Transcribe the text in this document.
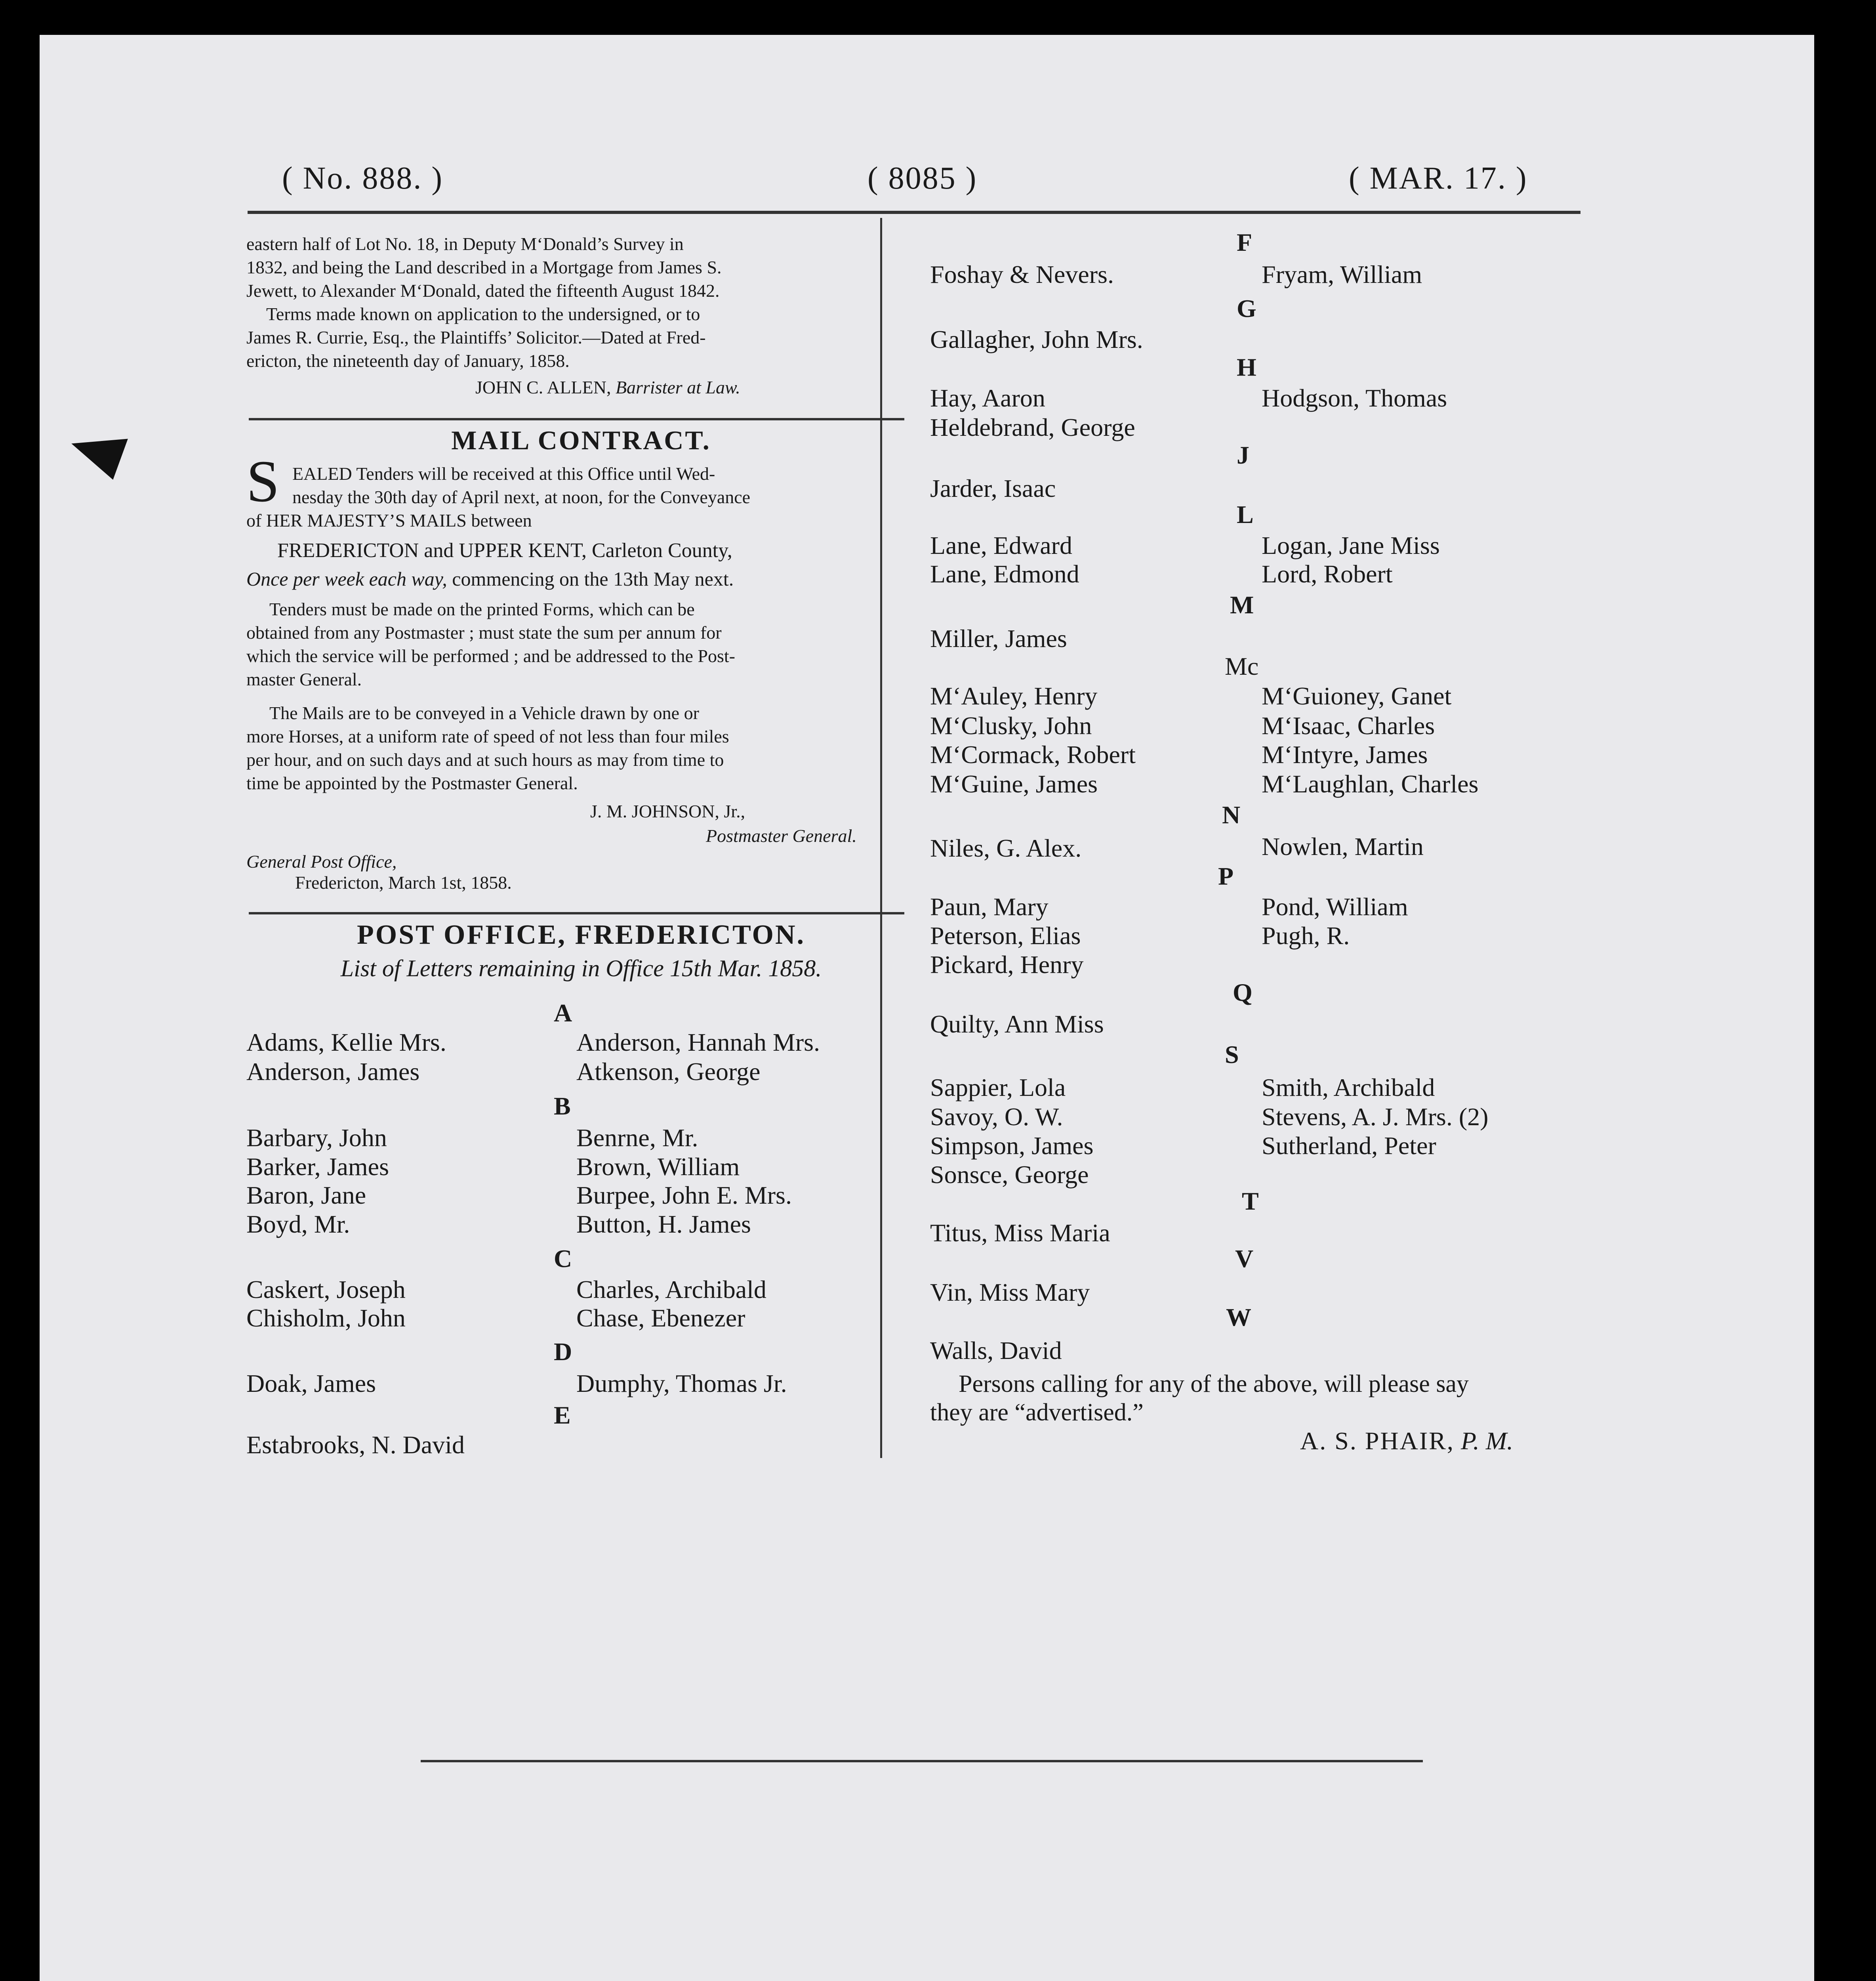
( No. 888. )	( 8085 )	( MAR. 17. )
eastern half of Lot No. 18, in Deputy M‘Donald’s Survey in
1832, and being the Land described in a Mortgage from James S.
Jewett, to Alexander M‘Donald, dated the fifteenth August 1842.
Terms made known on application to the undersigned, or to
James R. Currie, Esq., the Plaintiffs’ Solicitor.—Dated at Fred-
ericton, the nineteenth day of January, 1858.
JOHN C. ALLEN, Barrister at Law.
MAIL CONTRACT.
S EALED Tenders will be received at this Office until Wed-
nesday the 30th day of April next, at noon, for the Conveyance
of HER MAJESTY’S MAILS between
FREDERICTON and UPPER KENT, Carleton County,
Once per week each way, commencing on the 13th May next.
Tenders must be made on the printed Forms, which can be
obtained from any Postmaster ; must state the sum per annum for
which the service will be performed ; and be addressed to the Post-
master General.
The Mails are to be conveyed in a Vehicle drawn by one or
more Horses, at a uniform rate of speed of not less than four miles
per hour, and on such days and at such hours as may from time to
time be appointed by the Postmaster General.
J. M. JOHNSON, Jr.,
Postmaster General.
General Post Office,
Fredericton, March 1st, 1858.
POST OFFICE, FREDERICTON.
List of Letters remaining in Office 15th Mar. 1858.
A
Adams, Kellie Mrs.	Anderson, Hannah Mrs.
Anderson, James	Atkenson, George
B
Barbary, John	Benrne, Mr.
Barker, James	Brown, William
Baron, Jane	Burpee, John E. Mrs.
Boyd, Mr.	Button, H. James
C
Caskert, Joseph	Charles, Archibald
Chisholm, John	Chase, Ebenezer
D
Doak, James	Dumphy, Thomas Jr.
E
Estabrooks, N. David
F
Foshay & Nevers.	Fryam, William
G
Gallagher, John Mrs.
H
Hay, Aaron	Hodgson, Thomas
Heldebrand, George
J
Jarder, Isaac
L
Lane, Edward	Logan, Jane Miss
Lane, Edmond	Lord, Robert
M
Miller, James
Mc
M‘Auley, Henry	M‘Guioney, Ganet
M‘Clusky, John	M‘Isaac, Charles
M‘Cormack, Robert	M‘Intyre, James
M‘Guine, James	M‘Laughlan, Charles
N
Niles, G. Alex.	Nowlen, Martin
P
Paun, Mary	Pond, William
Peterson, Elias	Pugh, R.
Pickard, Henry
Q
Quilty, Ann Miss
S
Sappier, Lola	Smith, Archibald
Savoy, O. W.	Stevens, A. J. Mrs. (2)
Simpson, James	Sutherland, Peter
Sonsce, George
T
Titus, Miss Maria
V
Vin, Miss Mary
W
Walls, David
Persons calling for any of the above, will please say
they are “advertised.”
A. S. PHAIR, P. M.
